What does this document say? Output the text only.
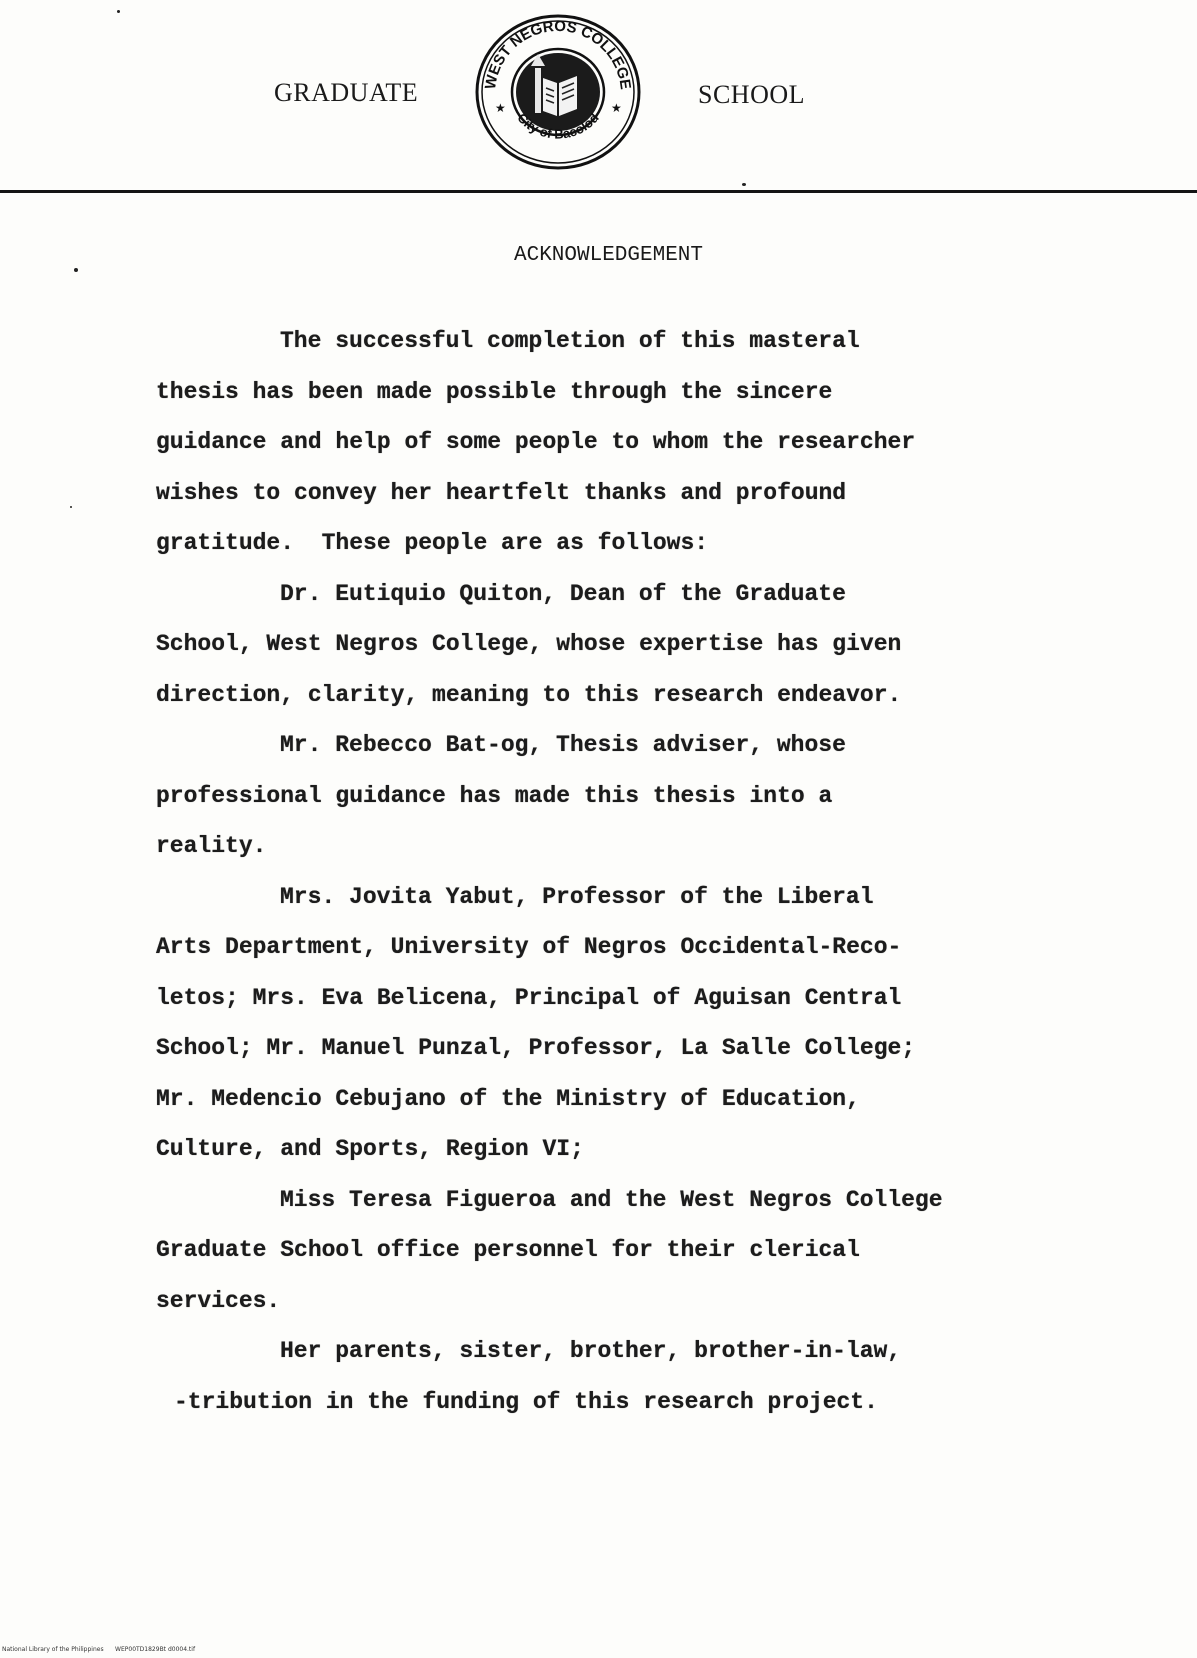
GRADUATE	SCHOOL
WEST NEGROS COLLEGE
City of Bacolod
★	★
ACKNOWLEDGEMENT

The successful completion of this masteral
thesis has been made possible through the sincere
guidance and help of some people to whom the researcher
wishes to convey her heartfelt thanks and profound
gratitude.  These people are as follows:

Dr. Eutiquio Quiton, Dean of the Graduate
School, West Negros College, whose expertise has given
direction, clarity, meaning to this research endeavor.

Mr. Rebecco Bat-og, Thesis adviser, whose
professional guidance has made this thesis into a
reality.

Mrs. Jovita Yabut, Professor of the Liberal
Arts Department, University of Negros Occidental-Reco-
letos; Mrs. Eva Belicena, Principal of Aguisan Central
School; Mr. Manuel Punzal, Professor, La Salle College;
Mr. Medencio Cebujano of the Ministry of Education,
Culture, and Sports, Region VI;

Miss Teresa Figueroa and the West Negros College
Graduate School office personnel for their clerical
services.

Her parents, sister, brother, brother-in-law,
-tribution in the funding of this research project.

National Library of the Philippines WEP00TD1829Bt d0004.tif
